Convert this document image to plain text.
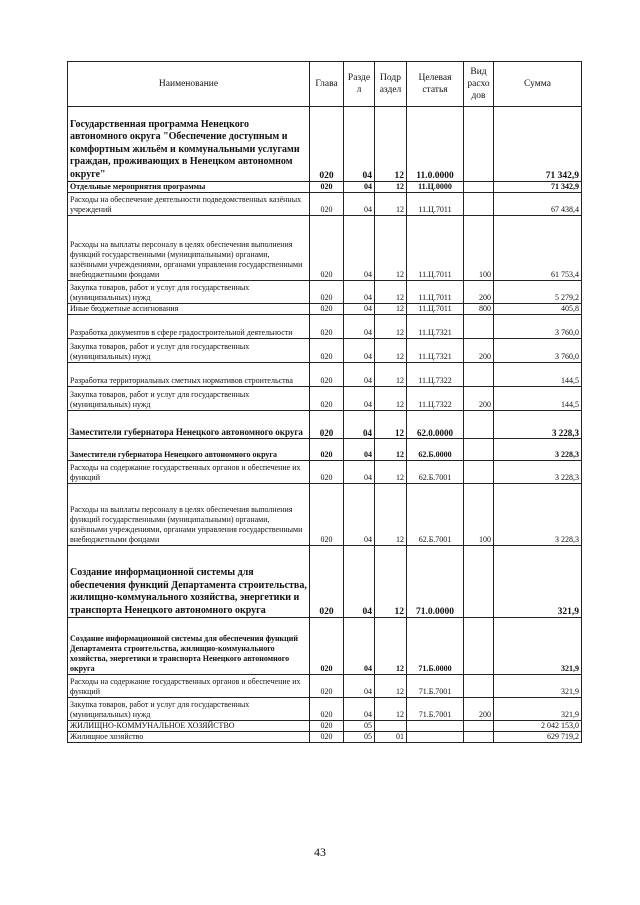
Наименование	Глава	Разде л	Подр аздел	Целевая статья	Вид расхо дов	Сумма
Государственная программа Ненецкого автономного округа "Обеспечение доступным и комфортным жильём и коммунальными услугами граждан, проживающих в Ненецком автономном округе"	020	04	12	11.0.0000		71 342,9
Отдельные мероприятия программы	020	04	12	11.Ц.0000		71 342,9
Расходы на обеспечение деятельности подведомственных казённых учреждений	020	04	12	11.Ц.7011		67 438,4
Расходы на выплаты персоналу в целях обеспечения выполнения функций государственными (муниципальными) органами, казёнными учреждениями, органами управления государственными внебюджетными фондами	020	04	12	11.Ц.7011	100	61 753,4
Закупка товаров, работ и услуг для государственных (муниципальных) нужд	020	04	12	11.Ц.7011	200	5 279,2
Иные бюджетные ассигнования	020	04	12	11.Ц.7011	800	405,8
Разработка документов в сфере градостроительной деятельности	020	04	12	11.Ц.7321		3 760,0
Закупка товаров, работ и услуг для государственных (муниципальных) нужд	020	04	12	11.Ц.7321	200	3 760,0
Разработка территориальных сметных нормативов строительства	020	04	12	11.Ц.7322		144,5
Закупка товаров, работ и услуг для государственных (муниципальных) нужд	020	04	12	11.Ц.7322	200	144,5
Заместители губернатора Ненецкого автономного округа	020	04	12	62.0.0000		3 228,3
Заместители губернатора Ненецкого автономного округа	020	04	12	62.Б.0000		3 228,3
Расходы на содержание государственных органов и обеспечение их функций	020	04	12	62.Б.7001		3 228,3
Расходы на выплаты персоналу в целях обеспечения выполнения функций государственными (муниципальными) органами, казёнными учреждениями, органами управления государственными внебюджетными фондами	020	04	12	62.Б.7001	100	3 228,3
Создание информационной системы для обеспечения функций Департамента строительства, жилищно-коммунального хозяйства, энергетики и транспорта Ненецкого автономного округа	020	04	12	71.0.0000		321,9
Создание информационной системы для обеспечения функций Департамента строительства, жилищно-коммунального хозяйства, энергетики и транспорта Ненецкого автономного округа	020	04	12	71.Б.0000		321,9
Расходы на содержание государственных органов и обеспечение их функций	020	04	12	71.Б.7001		321,9
Закупка товаров, работ и услуг для государственных (муниципальных) нужд	020	04	12	71.Б.7001	200	321,9
ЖИЛИЩНО-КОММУНАЛЬНОЕ ХОЗЯЙСТВО	020	05				2 042 153,0
Жилищное хозяйство	020	05	01			629 719,2
43
